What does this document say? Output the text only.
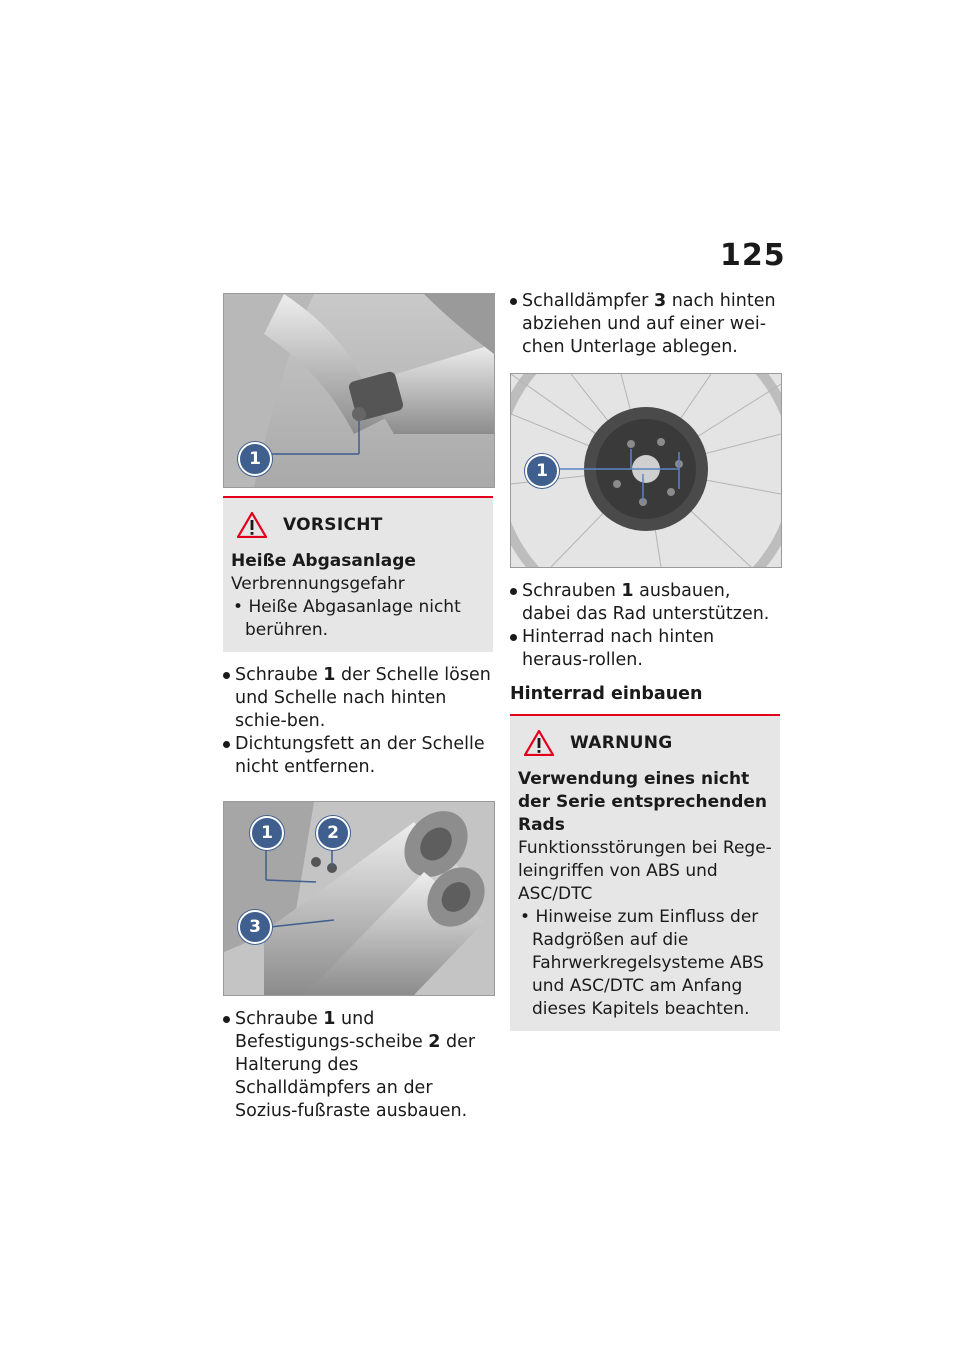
125
1
VORSICHT
Heiße Abgasanlage
Verbrennungsgefahr
• Heiße Abgasanlage nicht berühren.
Schraube 1 der Schelle lösen und Schelle nach hinten schie-ben.
Dichtungsfett an der Schelle nicht entfernen.
1	2
3
Schraube 1 und Befestigungs-scheibe 2 der Halterung des Schalldämpfers an der Sozius-fußraste ausbauen.
Schalldämpfer 3 nach hinten abziehen und auf einer wei-chen Unterlage ablegen.
1
Schrauben 1 ausbauen, dabei das Rad unterstützen.
Hinterrad nach hinten heraus-rollen.
Hinterrad einbauen
WARNUNG
Verwendung eines nicht der Serie entsprechenden Rads
Funktionsstörungen bei Rege-leingriffen von ABS und ASC/DTC
• Hinweise zum Einfluss der Radgrößen auf die Fahrwerkregelsysteme ABS und ASC/DTC am Anfang dieses Kapitels beachten.
